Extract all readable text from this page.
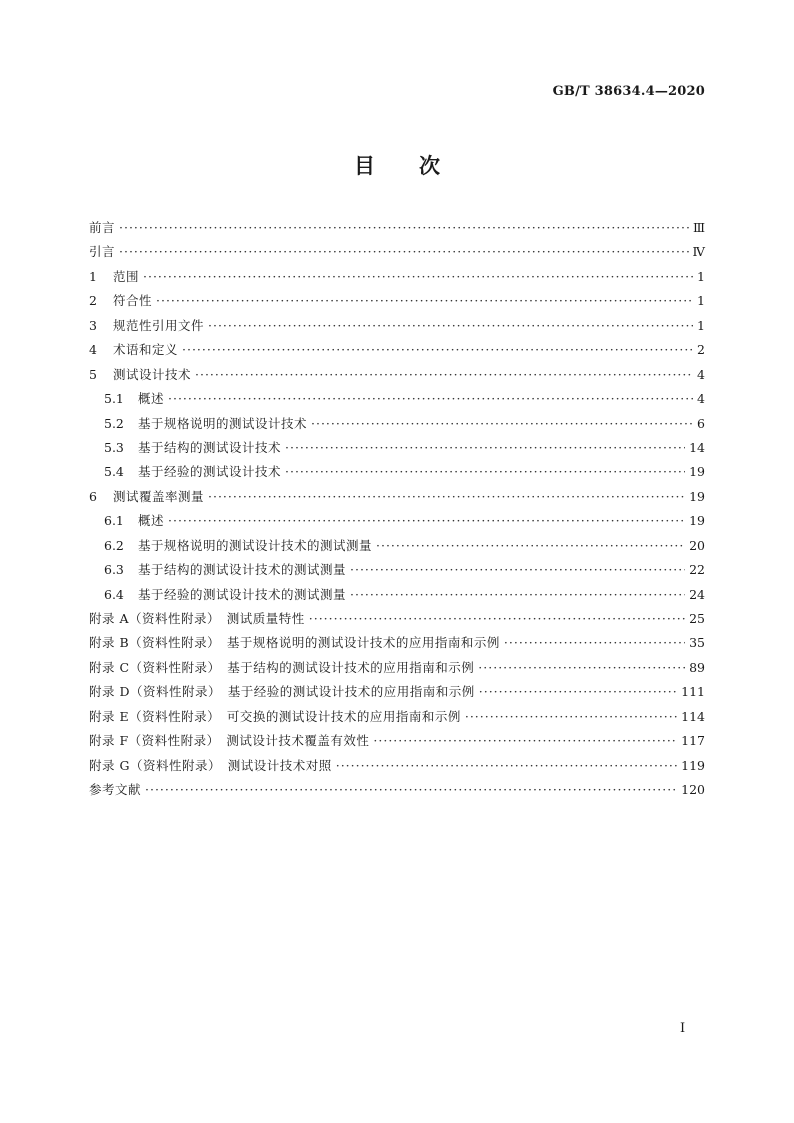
GB/T 38634.4—2020
目 次
前言 ·····	Ⅲ
引言 ·····	Ⅳ
1	范围 ·····	1
2	符合性 ·····	1
3	规范性引用文件 ·····	1
4	术语和定义 ·····	2
5	测试设计技术 ·····	4
5.1	概述 ·····	4
5.2	基于规格说明的测试设计技术 ·····	6
5.3	基于结构的测试设计技术 ·····	14
5.4	基于经验的测试设计技术 ·····	19
6	测试覆盖率测量 ·····	19
6.1	概述 ·····	19
6.2	基于规格说明的测试设计技术的测试测量 ·····	20
6.3	基于结构的测试设计技术的测试测量 ·····	22
6.4	基于经验的测试设计技术的测试测量 ·····	24
附录 A（资料性附录）　测试质量特性 ·····	25
附录 B（资料性附录）　基于规格说明的测试设计技术的应用指南和示例 ·····	35
附录 C（资料性附录）　基于结构的测试设计技术的应用指南和示例 ·····	89
附录 D（资料性附录）　基于经验的测试设计技术的应用指南和示例 ·····	111
附录 E（资料性附录）　可交换的测试设计技术的应用指南和示例 ·····	114
附录 F（资料性附录）　测试设计技术覆盖有效性 ·····	117
附录 G（资料性附录）　测试设计技术对照 ·····	119
参考文献 ·····	120
Ⅰ
